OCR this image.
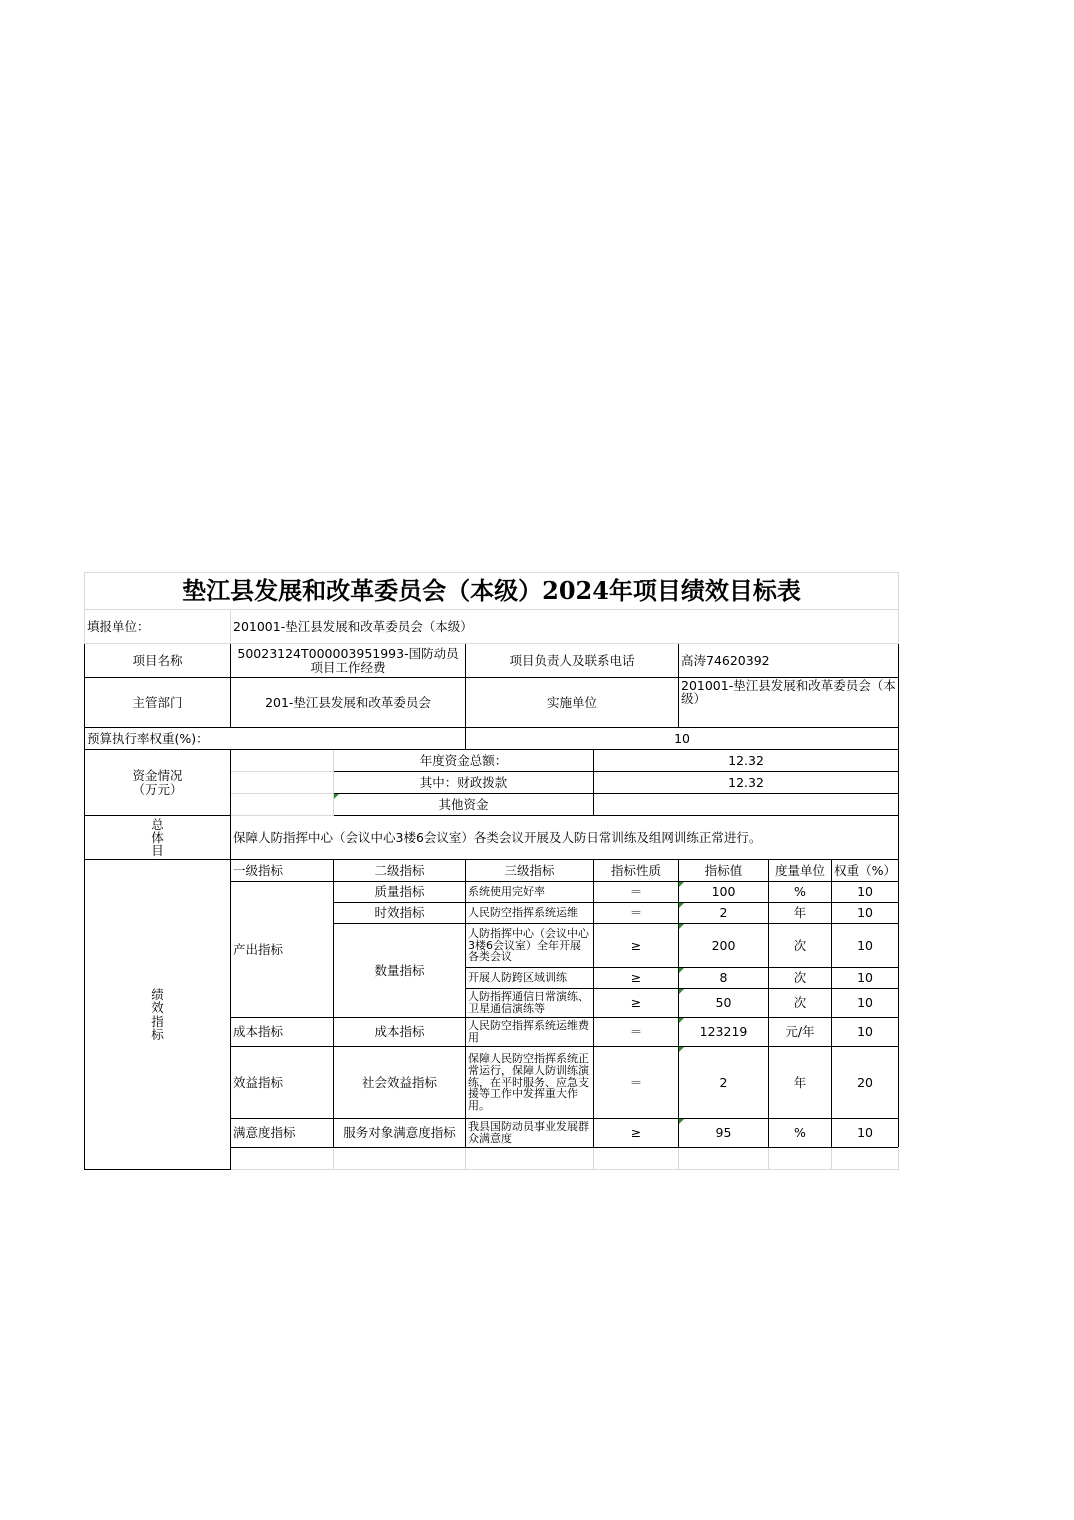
垫江县发展和改革委员会（本级）2024年项目绩效目标表								
填报单位：	201001-垫江县发展和改革委员会（本级）							
项目名称	50023124T000003951993-国防动员项目工作经费		项目负责人及联系电话		高涛74620392			
主管部门	201-垫江县发展和改革委员会		实施单位		201001-垫江县发展和改革委员会（本级）			
预算执行率权重(%)：			10					

资金情况
（万元）		年度资金总额：		12.32				
		其中：财政拨款		12.32				
		其他资金						

总
体
目	保障人防指挥中心（会议中心3楼6会议室）各类会议开展及人防日常训练及组网训练正常进行。							

绩
效
指
标	一级指标	二级指标	三级指标	指标性质	指标值	度量单位	权重（%）	
	产出指标	质量指标	系统使用完好率	＝	100	%	10	
		时效指标	人民防空指挥系统运维	＝	2	年	10	
		数量指标	人防指挥中心（会议中心3楼6会议室）全年开展各类会议	≥	200	次	10	
			开展人防跨区域训练	≥	8	次	10	
			人防指挥通信日常演练、卫星通信演练等	≥	50	次	10	
	成本指标	成本指标	人民防空指挥系统运维费用	＝	123219	元/年	10	
	效益指标	社会效益指标	保障人民防空指挥系统正常运行，保障人防训练演练，在平时服务、应急支援等工作中发挥重大作用。	＝	2	年	20	
	满意度指标	服务对象满意度指标	我县国防动员事业发展群众满意度	≥	95	%	10	
